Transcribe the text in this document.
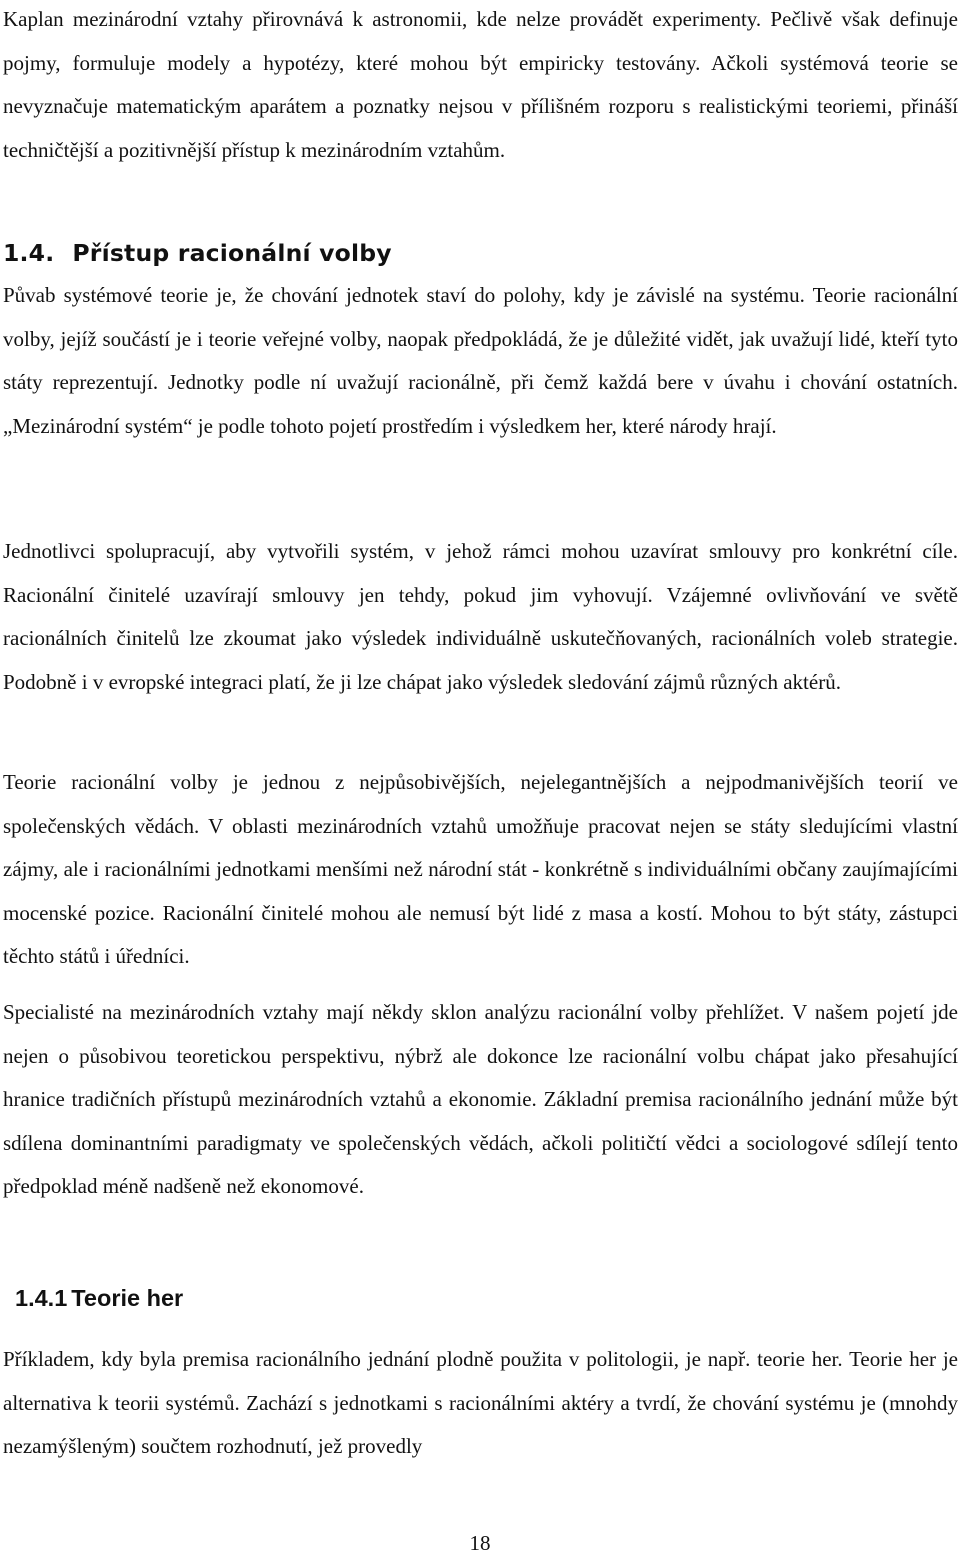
Kaplan mezinárodní vztahy přirovnává k astronomii, kde nelze provádět experimenty. Pečlivě však definuje pojmy, formuluje modely a hypotézy, které mohou být empiricky testovány. Ačkoli systémová teorie se nevyznačuje matematickým aparátem a poznatky nejsou v přílišném rozporu s realistickými teoriemi, přináší techničtější a pozitivnější přístup k mezinárodním vztahům.

1.4. Přístup racionální volby

Půvab systémové teorie je, že chování jednotek staví do polohy, kdy je závislé na systému. Teorie racionální volby, jejíž součástí je i teorie veřejné volby, naopak předpokládá, že je důležité vidět, jak uvažují lidé, kteří tyto státy reprezentují. Jednotky podle ní uvažují racionálně, při čemž každá bere v úvahu i chování ostatních. „Mezinárodní systém“ je podle tohoto pojetí prostředím i výsledkem her, které národy hrají.

Jednotlivci spolupracují, aby vytvořili systém, v jehož rámci mohou uzavírat smlouvy pro konkrétní cíle. Racionální činitelé uzavírají smlouvy jen tehdy, pokud jim vyhovují. Vzájemné ovlivňování ve světě racionálních činitelů lze zkoumat jako výsledek individuálně uskutečňovaných, racionálních voleb strategie. Podobně i v evropské integraci platí, že ji lze chápat jako výsledek sledování zájmů různých aktérů.

Teorie racionální volby je jednou z nejpůsobivějších, nejelegantnějších a nejpodmanivějších teorií ve společenských vědách. V oblasti mezinárodních vztahů umožňuje pracovat nejen se státy sledujícími vlastní zájmy, ale i racionálními jednotkami menšími než národní stát - konkrétně s individuálními občany zaujímajícími mocenské pozice. Racionální činitelé mohou ale nemusí být lidé z masa a kostí. Mohou to být státy, zástupci těchto států i úředníci.

Specialisté na mezinárodních vztahy mají někdy sklon analýzu racionální volby přehlížet. V našem pojetí jde nejen o působivou teoretickou perspektivu, nýbrž ale dokonce lze racionální volbu chápat jako přesahující hranice tradičních přístupů mezinárodních vztahů a ekonomie. Základní premisa racionálního jednání může být sdílena dominantními paradigmaty ve společenských vědách, ačkoli političtí vědci a sociologové sdílejí tento předpoklad méně nadšeně než ekonomové.

1.4.1 Teorie her

Příkladem, kdy byla premisa racionálního jednání plodně použita v politologii, je např. teorie her. Teorie her je alternativa k teorii systémů. Zachází s jednotkami s racionálními aktéry a tvrdí, že chování systému je (mnohdy nezamýšleným) součtem rozhodnutí, jež provedly

18
